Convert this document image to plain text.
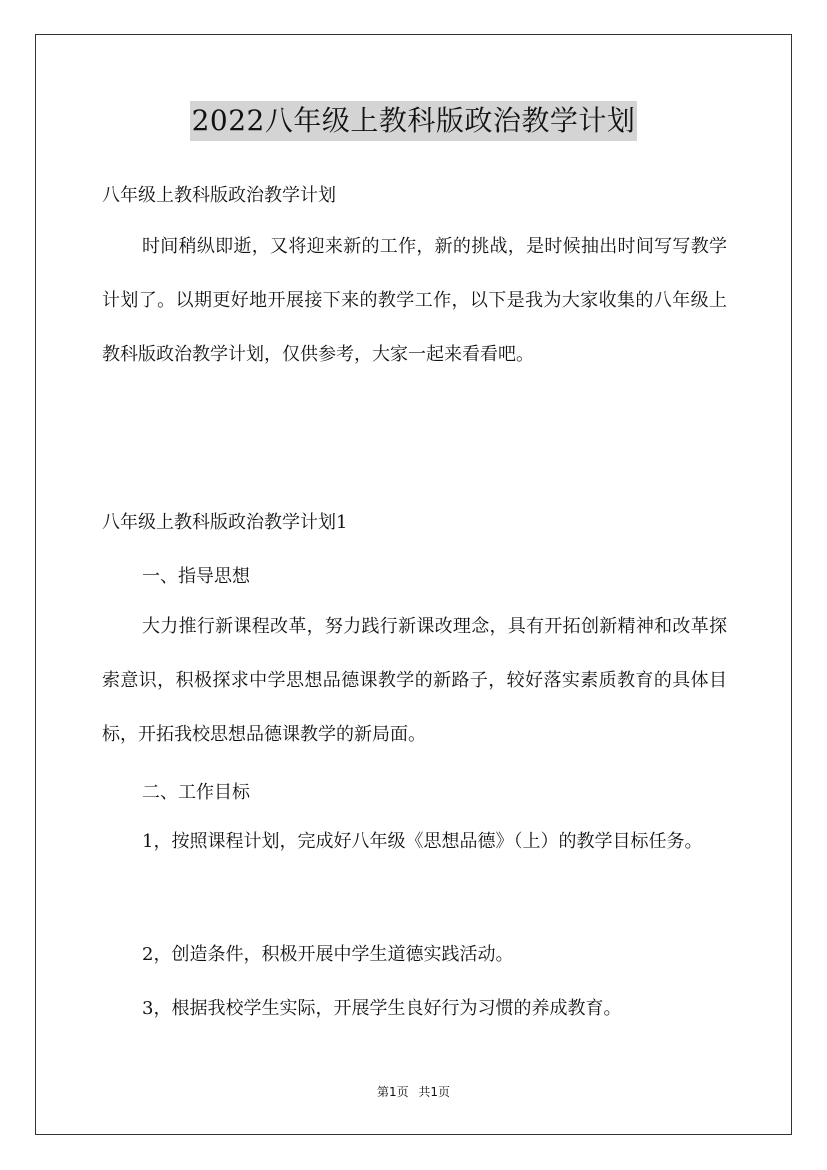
2022八年级上教科版政治教学计划
八年级上教科版政治教学计划
时间稍纵即逝，又将迎来新的工作，新的挑战，是时候抽出时间写写教学计划了。以期更好地开展接下来的教学工作，以下是我为大家收集的八年级上教科版政治教学计划，仅供参考，大家一起来看看吧。
八年级上教科版政治教学计划1
一、指导思想
大力推行新课程改革，努力践行新课改理念，具有开拓创新精神和改革探索意识，积极探求中学思想品德课教学的新路子，较好落实素质教育的具体目标，开拓我校思想品德课教学的新局面。
二、工作目标
1，按照课程计划，完成好八年级《思想品德》（上）的教学目标任务。
2，创造条件，积极开展中学生道德实践活动。
3，根据我校学生实际，开展学生良好行为习惯的养成教育。
第1页 共1页
